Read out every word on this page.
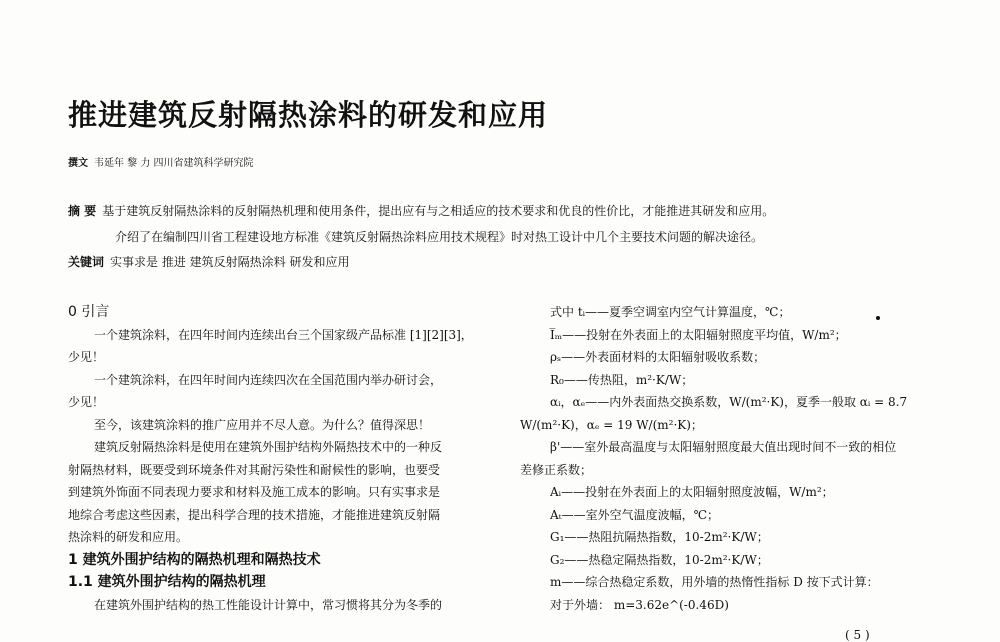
推进建筑反射隔热涂料的研发和应用
撰文 韦延年 黎 力 四川省建筑科学研究院
摘 要 基于建筑反射隔热涂料的反射隔热机理和使用条件，提出应有与之相适应的技术要求和优良的性价比，才能推进其研发和应用。
介绍了在编制四川省工程建设地方标准《建筑反射隔热涂料应用技术规程》时对热工设计中几个主要技术问题的解决途径。
关键词 实事求是 推进 建筑反射隔热涂料 研发和应用

0 引言

一个建筑涂料，在四年时间内连续出台三个国家级产品标准 [1][2][3]，

少见！

一个建筑涂料，在四年时间内连续四次在全国范围内举办研讨会，

少见！

至今，该建筑涂料的推广应用并不尽人意。为什么？值得深思！

建筑反射隔热涂料是使用在建筑外围护结构外隔热技术中的一种反

射隔热材料，既要受到环境条件对其耐污染性和耐候性的影响，也要受

到建筑外饰面不同表现力要求和材料及施工成本的影响。只有实事求是

地综合考虑这些因素，提出科学合理的技术措施，才能推进建筑反射隔

热涂料的研发和应用。

1 建筑外围护结构的隔热机理和隔热技术

1.1 建筑外围护结构的隔热机理

在建筑外围护结构的热工性能设计计算中，常习惯将其分为冬季的

式中 tᵢ——夏季空调室内空气计算温度，℃；

I̅ₘ——投射在外表面上的太阳辐射照度平均值，W/m²；

ρₛ——外表面材料的太阳辐射吸收系数；

R₀——传热阻，m²·K/W；

αᵢ，αₑ——内外表面热交换系数，W/(m²·K)，夏季一般取 αᵢ = 8.7

W/(m²·K)，αₑ = 19 W/(m²·K)；

β'——室外最高温度与太阳辐射照度最大值出现时间不一致的相位

差修正系数；

Aᵢ——投射在外表面上的太阳辐射照度波幅，W/m²；

Aₜ——室外空气温度波幅，℃；

G₁——热阻抗隔热指数，10-2m²·K/W；

G₂——热稳定隔热指数，10-2m²·K/W；

m——综合热稳定系数，用外墙的热惰性指标 D 按下式计算：

对于外墙： m=3.62e^(-0.46D)

( 5 )
